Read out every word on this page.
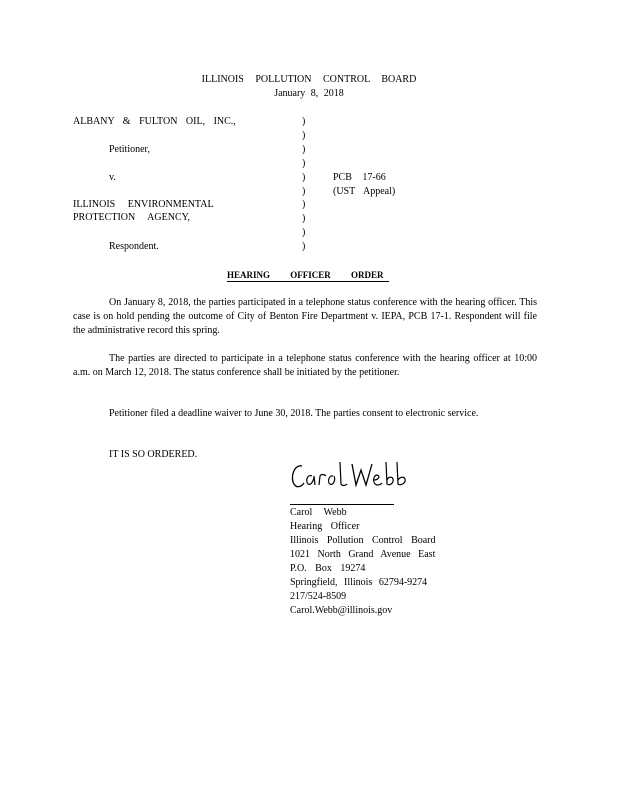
ILLINOIS POLLUTION CONTROL BOARD
January 8, 2018
ALBANY & FULTON OIL, INC.,
Petitioner,
v.
ILLINOIS ENVIRONMENTAL
PROTECTION AGENCY,
Respondent.
)
)
)
)
)
)
)
)
)
)
PCB 17-66
(UST Appeal)
HEARING OFFICER ORDER
On January 8, 2018, the parties participated in a telephone status conference with the hearing officer. This case is on hold pending the outcome of City of Benton Fire Department v. IEPA, PCB 17-1. Respondent will file the administrative record this spring.
The parties are directed to participate in a telephone status conference with the hearing officer at 10:00 a.m. on March 12, 2018. The status conference shall be initiated by the petitioner.
Petitioner filed a deadline waiver to June 30, 2018. The parties consent to electronic service.
IT IS SO ORDERED.
Carol Webb
Hearing Officer
Illinois Pollution Control Board
1021 North Grand Avenue East
P.O. Box 19274
Springfield, Illinois 62794-9274
217/524-8509
Carol.Webb@illinois.gov
